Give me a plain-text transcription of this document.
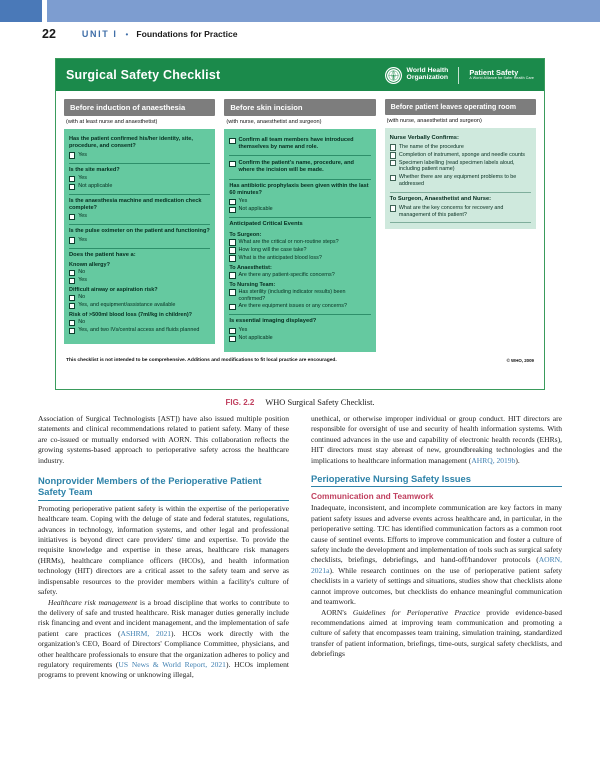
22	UNIT I • Foundations for Practice
Surgical Safety Checklist	World Health
Organization
Patient Safety
A World Alliance for Safer Health Care
Before induction of anaesthesia
(with at least nurse and anaesthetist)
Has the patient confirmed his/her identity, site, procedure, and consent?
Yes
Is the site marked?
Yes
Not applicable
Is the anaesthesia machine and medication check complete?
Yes
Is the pulse oximeter on the patient and functioning?
Yes
Does the patient have a:
Known allergy?
No
Yes
Difficult airway or aspiration risk?
No
Yes, and equipment/assistance available
Risk of >500ml blood loss (7ml/kg in children)?
No
Yes, and two IVs/central access and fluids planned
Before skin incision
(with nurse, anaesthetist and surgeon)
Confirm all team members have introduced themselves by name and role.
Confirm the patient's name, procedure, and where the incision will be made.
Has antibiotic prophylaxis been given within the last 60 minutes?
Yes
Not applicable
Anticipated Critical Events
To Surgeon:
What are the critical or non-routine steps?
How long will the case take?
What is the anticipated blood loss?
To Anaesthetist:
Are there any patient-specific concerns?
To Nursing Team:
Has sterility (including indicator results) been confirmed?
Are there equipment issues or any concerns?
Is essential imaging displayed?
Yes
Not applicable
Before patient leaves operating room
(with nurse, anaesthetist and surgeon)
Nurse Verbally Confirms:
The name of the procedure
Completion of instrument, sponge and needle counts
Specimen labelling (read specimen labels aloud, including patient name)
Whether there are any equipment problems to be addressed
To Surgeon, Anaesthetist and Nurse:
What are the key concerns for recovery and management of this patient?
This checklist is not intended to be comprehensive. Additions and modifications to fit local practice are encouraged.	© WHO, 2009
FIG. 2.2 WHO Surgical Safety Checklist.

Association of Surgical Technologists [AST]) have also issued multiple position statements and clinical recommendations related to patient safety. Many of these are co-issued or mutually endorsed with AORN. This collaboration reflects the growing systems-based approach to perioperative safety across the healthcare industry.

Nonprovider Members of the Perioperative Patient Safety Team

Promoting perioperative patient safety is within the expertise of the perioperative healthcare team. Coping with the deluge of state and federal statutes, regulations, advances in technology, information systems, and other legal and professional initiatives is beyond direct care providers' time and expertise. To provide the requisite knowledge and expertise in these areas, healthcare risk managers (HRMs), healthcare compliance officers (HCOs), and health information technology (HIT) directors are a critical asset to the safety team and serve as indispensable resources to the provider members within a facility's culture of safety.

Healthcare risk management is a broad discipline that works to contribute to the delivery of safe and trusted healthcare. Risk manager duties generally include risk financing and event and incident management, and the implementation of safe patient care practices (ASHRM, 2021). HCOs work directly with the organization's CEO, Board of Directors' Compliance Committee, physicians, and other healthcare professionals to ensure that the organization adheres to policy and regulatory requirements (US News & World Report, 2021). HCOs implement programs to prevent knowing or unknowing illegal,

unethical, or otherwise improper individual or group conduct. HIT directors are responsible for oversight of use and security of health information systems. With continued advances in the use and capability of electronic health records (EHRs), HIT directors must stay abreast of new, groundbreaking technologies and the implications to healthcare information management (AHRQ, 2019b).

Perioperative Nursing Safety Issues
Communication and Teamwork

Inadequate, inconsistent, and incomplete communication are key factors in many patient safety issues and adverse events across healthcare and, in particular, in the perioperative setting. TJC has identified communication factors as a common root cause of sentinel events. Efforts to improve communication and foster a culture of safety include the development and implementation of tools such as surgical safety checklists, briefings, debriefings, and hand-off/handover protocols (AORN, 2021a). While research continues on the use of perioperative patient safety checklists in a variety of settings and situations, studies show that checklists alone cannot improve outcomes, but checklists do enhance meaningful communication and teamwork.

AORN's Guidelines for Perioperative Practice provide evidence-based recommendations aimed at improving team communication and promoting a culture of safety that encompasses team training, simulation training, standardized transfer of patient information, briefings, time-outs, surgical safety checklists, and debriefings
